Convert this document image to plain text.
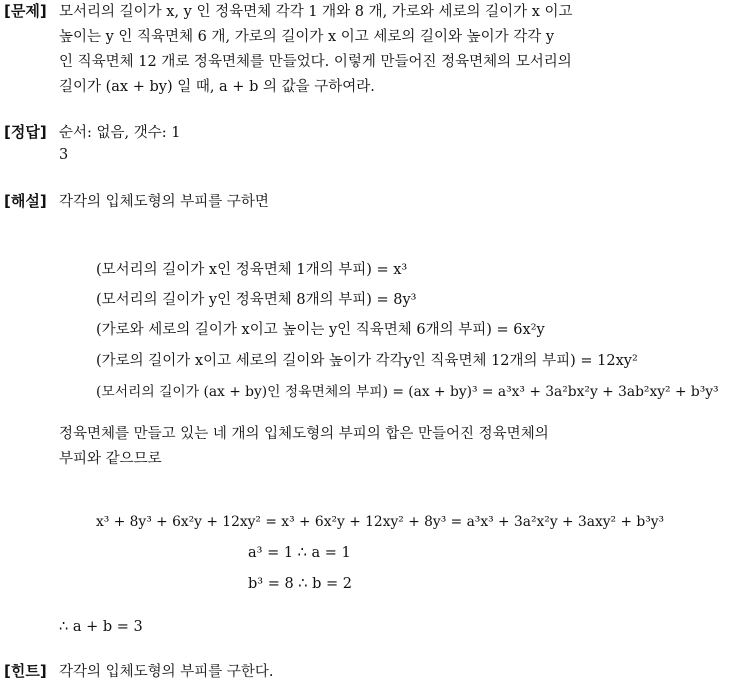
[문제] 모서리의 길이가 x, y 인 정육면체 각각 1 개와 8 개, 가로와 세로의 길이가 x 이고
높이는 y 인 직육면체 6 개, 가로의 길이가 x 이고 세로의 길이와 높이가 각각 y
인 직육면체 12 개로 정육면체를 만들었다. 이렇게 만들어진 정육면체의 모서리의
길이가 (ax + by) 일 때, a + b 의 값을 구하여라.
[정답] 순서: 없음, 갯수: 1
3
[해설] 각각의 입체도형의 부피를 구하면
(모서리의 길이가 x인 정육면체 1개의 부피) = x³
(모서리의 길이가 y인 정육면체 8개의 부피) = 8y³
(가로와 세로의 길이가 x이고 높이는 y인 직육면체 6개의 부피) = 6x²y
(가로의 길이가 x이고 세로의 길이와 높이가 각각y인 직육면체 12개의 부피) = 12xy²
(모서리의 길이가 (ax + by)인 정육면체의 부피) = (ax + by)³ = a³x³ + 3a²bx²y + 3ab²xy² + b³y³
정육면체를 만들고 있는 네 개의 입체도형의 부피의 합은 만들어진 정육면체의
부피와 같으므로
x³ + 8y³ + 6x²y + 12xy² = x³ + 6x²y + 12xy² + 8y³ = a³x³ + 3a²x²y + 3axy² + b³y³
a³ = 1 ∴ a = 1
b³ = 8 ∴ b = 2
∴ a + b = 3
[힌트] 각각의 입체도형의 부피를 구한다.
